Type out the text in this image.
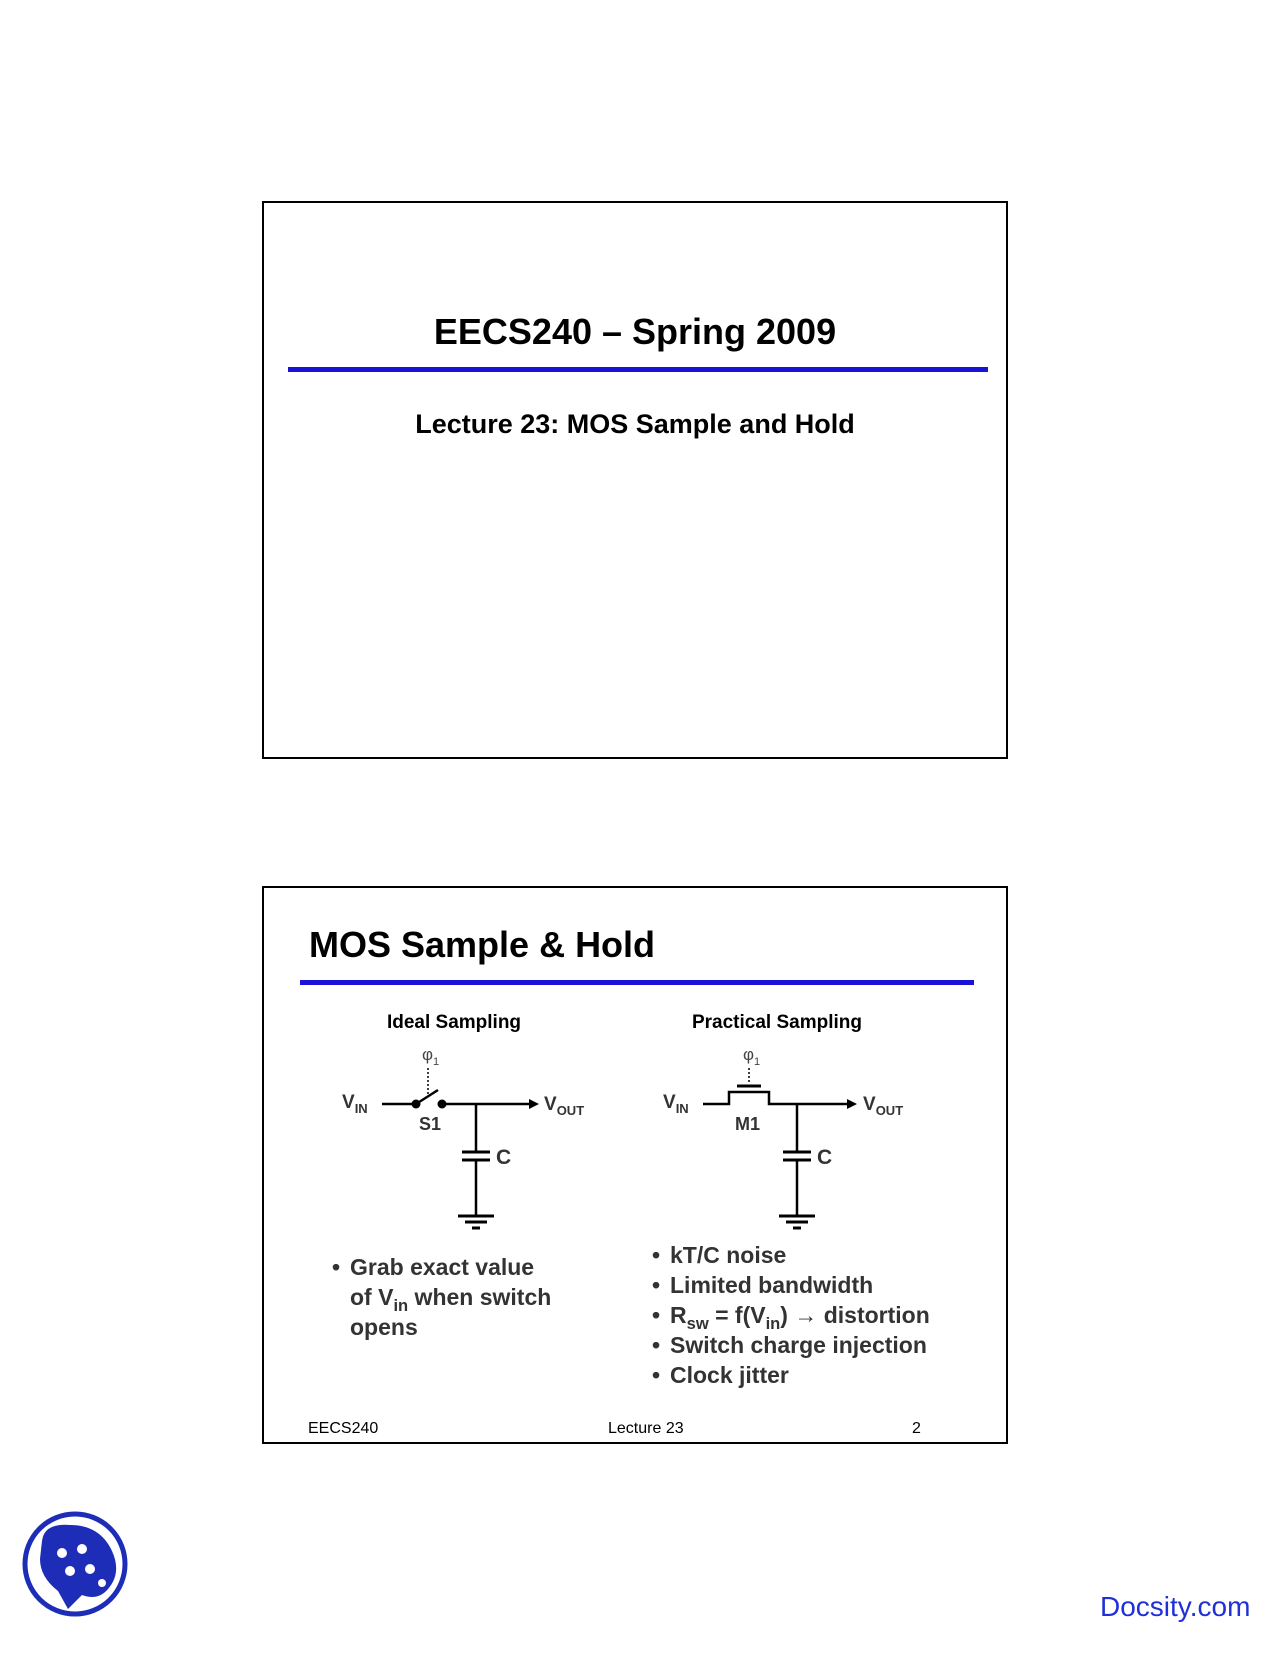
EECS240 – Spring 2009
Lecture 23: MOS Sample and Hold
MOS Sample & Hold
Ideal Sampling	Practical Sampling
$\varphi_1$
$V_{IN}$	$V_{OUT}$
S1
C
$\varphi_1$
$V_{IN}$	$V_{OUT}$
M1
C
• Grab exact value
of $V_{in}$ when switch
opens
• kT/C noise
• Limited bandwidth
• $R_{sw} = f(V_{in})$ → distortion
• Switch charge injection
• Clock jitter
EECS240	Lecture 23	2
Docsity.com
